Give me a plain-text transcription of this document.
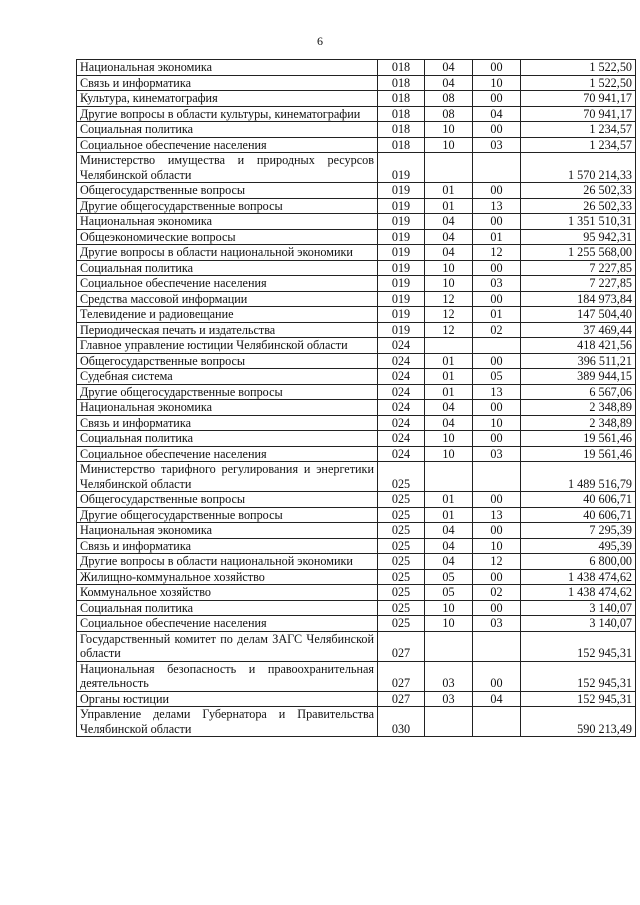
6
Национальная экономика	018	04	00	1 522,50
Связь и информатика	018	04	10	1 522,50
Культура, кинематография	018	08	00	70 941,17
Другие вопросы в области культуры, кинематографии	018	08	04	70 941,17
Социальная политика	018	10	00	1 234,57
Социальное обеспечение населения	018	10	03	1 234,57
Министерство имущества и природных ресурсов Челябинской области	019			1 570 214,33
Общегосударственные вопросы	019	01	00	26 502,33
Другие общегосударственные вопросы	019	01	13	26 502,33
Национальная экономика	019	04	00	1 351 510,31
Общеэкономические вопросы	019	04	01	95 942,31
Другие вопросы в области национальной экономики	019	04	12	1 255 568,00
Социальная политика	019	10	00	7 227,85
Социальное обеспечение населения	019	10	03	7 227,85
Средства массовой информации	019	12	00	184 973,84
Телевидение и радиовещание	019	12	01	147 504,40
Периодическая печать и издательства	019	12	02	37 469,44
Главное управление юстиции Челябинской области	024			418 421,56
Общегосударственные вопросы	024	01	00	396 511,21
Судебная система	024	01	05	389 944,15
Другие общегосударственные вопросы	024	01	13	6 567,06
Национальная экономика	024	04	00	2 348,89
Связь и информатика	024	04	10	2 348,89
Социальная политика	024	10	00	19 561,46
Социальное обеспечение населения	024	10	03	19 561,46
Министерство тарифного регулирования и энергетики Челябинской области	025			1 489 516,79
Общегосударственные вопросы	025	01	00	40 606,71
Другие общегосударственные вопросы	025	01	13	40 606,71
Национальная экономика	025	04	00	7 295,39
Связь и информатика	025	04	10	495,39
Другие вопросы в области национальной экономики	025	04	12	6 800,00
Жилищно-коммунальное хозяйство	025	05	00	1 438 474,62
Коммунальное хозяйство	025	05	02	1 438 474,62
Социальная политика	025	10	00	3 140,07
Социальное обеспечение населения	025	10	03	3 140,07
Государственный комитет по делам ЗАГС Челябинской области	027			152 945,31
Национальная безопасность и правоохранительная деятельность	027	03	00	152 945,31
Органы юстиции	027	03	04	152 945,31
Управление делами Губернатора и Правительства Челябинской области	030			590 213,49
